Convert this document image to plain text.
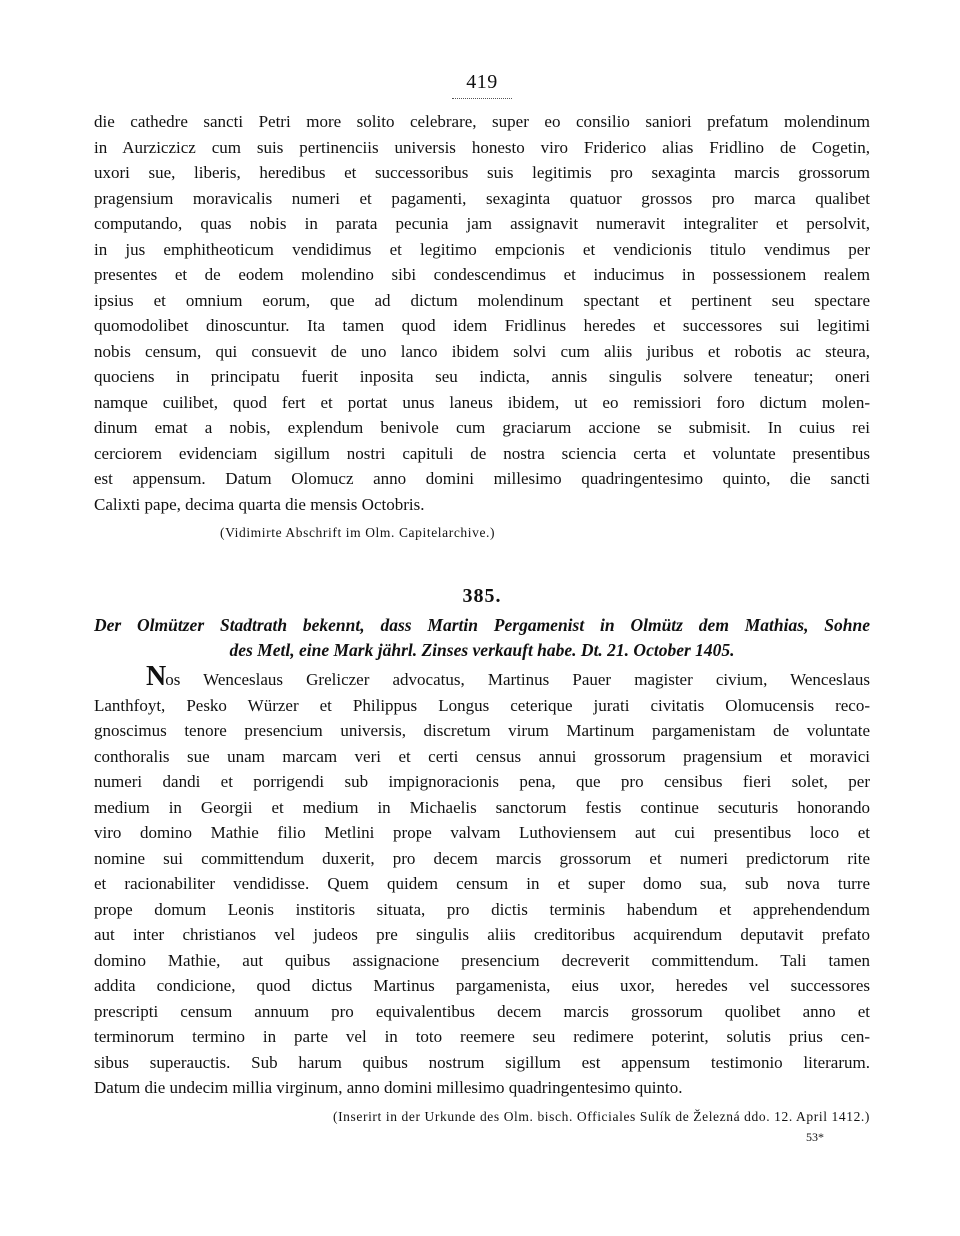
419
die cathedre sancti Petri more solito celebrare, super eo consilio saniori prefatum molendinum
in Aurziczicz cum suis pertinenciis universis honesto viro Friderico alias Fridlino de Cogetin,
uxori sue, liberis, heredibus et successoribus suis legitimis pro sexaginta marcis grossorum
pragensium moravicalis numeri et pagamenti, sexaginta quatuor grossos pro marca qualibet
computando, quas nobis in parata pecunia jam assignavit numeravit integraliter et persolvit,
in jus emphitheoticum vendidimus et legitimo empcionis et vendicionis titulo vendimus per
presentes et de eodem molendino sibi condescendimus et inducimus in possessionem realem
ipsius et omnium eorum, que ad dictum molendinum spectant et pertinent seu spectare
quomodolibet dinoscuntur. Ita tamen quod idem Fridlinus heredes et successores sui legitimi
nobis censum, qui consuevit de uno lanco ibidem solvi cum aliis juribus et robotis ac steura,
quociens in principatu fuerit inposita seu indicta, annis singulis solvere teneatur; oneri
namque cuilibet, quod fert et portat unus laneus ibidem, ut eo remissiori foro dictum molen-
dinum emat a nobis, explendum benivole cum graciarum accione se submisit. In cuius rei
cerciorem evidenciam sigillum nostri capituli de nostra sciencia certa et voluntate presentibus
est appensum. Datum Olomucz anno domini millesimo quadringentesimo quinto, die sancti
Calixti pape, decima quarta die mensis Octobris.
(Vidimirte Abschrift im Olm. Capitelarchive.)
385.
Der Olmützer Stadtrath bekennt, dass Martin Pergamenist in Olmütz dem Mathias, Sohne
des Metl, eine Mark jährl. Zinses verkauft habe. Dt. 21. October 1405.
Nos Wenceslaus Greliczer advocatus, Martinus Pauer magister civium, Wenceslaus
Lanthfoyt, Pesko Würzer et Philippus Longus ceterique jurati civitatis Olomucensis reco-
gnoscimus tenore presencium universis, discretum virum Martinum pargamenistam de voluntate
conthoralis sue unam marcam veri et certi census annui grossorum pragensium et moravici
numeri dandi et porrigendi sub impignoracionis pena, que pro censibus fieri solet, per
medium in Georgii et medium in Michaelis sanctorum festis continue secuturis honorando
viro domino Mathie filio Metlini prope valvam Luthoviensem aut cui presentibus loco et
nomine sui committendum duxerit, pro decem marcis grossorum et numeri predictorum rite
et racionabiliter vendidisse. Quem quidem censum in et super domo sua, sub nova turre
prope domum Leonis institoris situata, pro dictis terminis habendum et apprehendendum
aut inter christianos vel judeos pre singulis aliis creditoribus acquirendum deputavit prefato
domino Mathie, aut quibus assignacione presencium decreverit committendum. Tali tamen
addita condicione, quod dictus Martinus pargamenista, eius uxor, heredes vel successores
prescripti censum annuum pro equivalentibus decem marcis grossorum quolibet anno et
terminorum termino in parte vel in toto reemere seu redimere poterint, solutis prius cen-
sibus superauctis. Sub harum quibus nostrum sigillum est appensum testimonio literarum.
Datum die undecim millia virginum, anno domini millesimo quadringentesimo quinto.
(Inserirt in der Urkunde des Olm. bisch. Officiales Sulík de Železná ddo. 12. April 1412.)
53*
